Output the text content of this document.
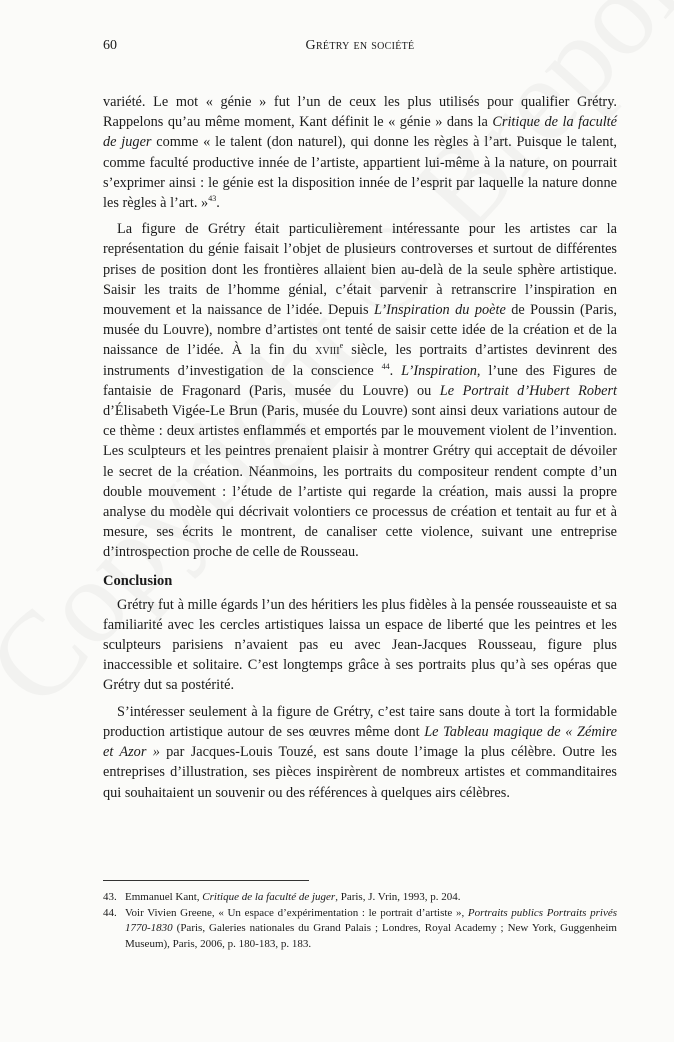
60	Grétry en société

variété. Le mot « génie » fut l’un de ceux les plus utilisés pour qualifier Grétry. Rappelons qu’au même moment, Kant définit le « génie » dans la Critique de la faculté de juger comme « le talent (don naturel), qui donne les règles à l’art. Puisque le talent, comme faculté productive innée de l’artiste, appartient lui-même à la nature, on pourrait s’exprimer ainsi : le génie est la disposition innée de l’esprit par laquelle la nature donne les règles à l’art. »$^{43}$.

La figure de Grétry était particulièrement intéressante pour les artistes car la représentation du génie faisait l’objet de plusieurs controverses et surtout de différentes prises de position dont les frontières allaient bien au-delà de la seule sphère artistique. Saisir les traits de l’homme génial, c’était parvenir à retranscrire l’inspiration en mouvement et la naissance de l’idée. Depuis L’Inspiration du poète de Poussin (Paris, musée du Louvre), nombre d’artistes ont tenté de saisir cette idée de la création et de la naissance de l’idée. À la fin du xviii$^e$ siècle, les portraits d’artistes devinrent des instruments d’investigation de la conscience $^{44}$. L’Inspiration, l’une des Figures de fantaisie de Fragonard (Paris, musée du Louvre) ou Le Portrait d’Hubert Robert d’Élisabeth Vigée-Le Brun (Paris, musée du Louvre) sont ainsi deux variations autour de ce thème : deux artistes enflammés et emportés par le mouvement violent de l’invention. Les sculpteurs et les peintres prenaient plaisir à montrer Grétry qui acceptait de dévoiler le secret de la création. Néanmoins, les portraits du compositeur rendent compte d’un double mouvement : l’étude de l’artiste qui regarde la création, mais aussi la propre analyse du modèle qui décrivait volontiers ce processus de création et tentait au fur et à mesure, ses écrits le montrent, de canaliser cette violence, suivant une entreprise d’introspection proche de celle de Rousseau.

Conclusion

Grétry fut à mille égards l’un des héritiers les plus fidèles à la pensée rousseauiste et sa familiarité avec les cercles artistiques laissa un espace de liberté que les peintres et les sculpteurs parisiens n’avaient pas eu avec Jean-Jacques Rousseau, figure plus inaccessible et solitaire. C’est longtemps grâce à ses portraits plus qu’à ses opéras que Grétry dut sa postérité.

S’intéresser seulement à la figure de Grétry, c’est taire sans doute à tort la formidable production artistique autour de ses œuvres même dont Le Tableau magique de « Zémire et Azor » par Jacques-Louis Touzé, est sans doute l’image la plus célèbre. Outre les entreprises d’illustration, ses pièces inspirèrent de nombreux artistes et commanditaires qui souhaitaient un souvenir ou des références à quelques airs célèbres.

43. Emmanuel Kant, Critique de la faculté de juger, Paris, J. Vrin, 1993, p. 204.
44. Voir Vivien Greene, « Un espace d’expérimentation : le portrait d’artiste », Portraits publics Portraits privés 1770-1830 (Paris, Galeries nationales du Grand Palais ; Londres, Royal Academy ; New York, Guggenheim Museum), Paris, 2006, p. 180-183, p. 183.
